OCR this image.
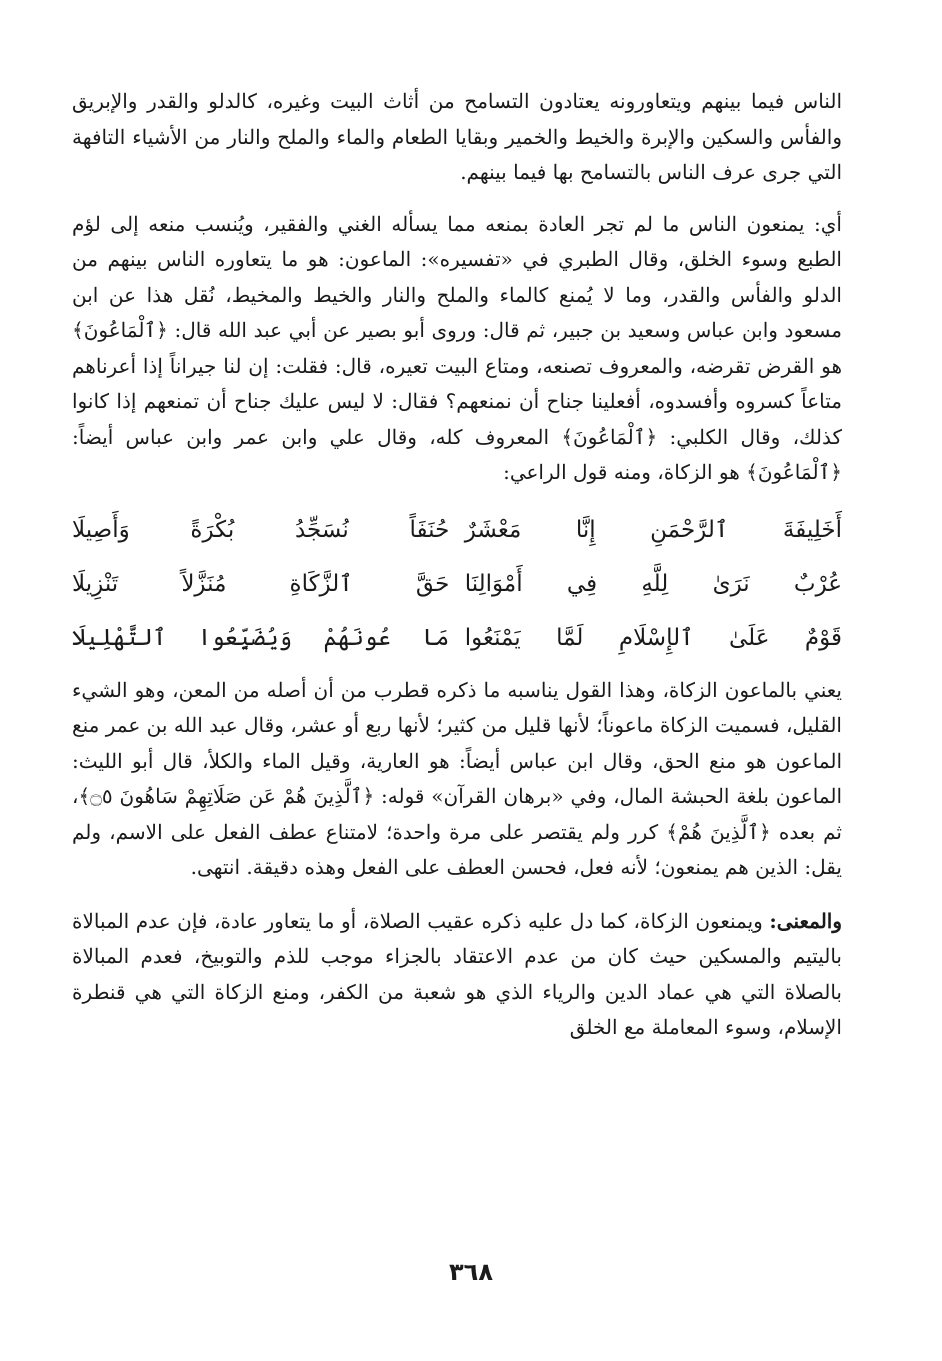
الناس فيما بينهم ويتعاورونه يعتادون التسامح من أثاث البيت وغيره، كالدلو والقدر والإبريق والفأس والسكين والإبرة والخيط والخمير وبقايا الطعام والماء والملح والنار من الأشياء التافهة التي جرى عرف الناس بالتسامح بها فيما بينهم.

أي: يمنعون الناس ما لم تجر العادة بمنعه مما يسأله الغني والفقير، ويُنسب منعه إلى لؤم الطبع وسوء الخلق، وقال الطبري في «تفسيره»: الماعون: هو ما يتعاوره الناس بينهم من الدلو والفأس والقدر، وما لا يُمنع كالماء والملح والنار والخيط والمخيط، نُقل هذا عن ابن مسعود وابن عباس وسعيد بن جبير، ثم قال: وروى أبو بصير عن أبي عبد الله قال: ﴿ٱلْمَاعُونَ﴾ هو القرض تقرضه، والمعروف تصنعه، ومتاع البيت تعيره، قال: فقلت: إن لنا جيراناً إذا أعرناهم متاعاً كسروه وأفسدوه، أفعلينا جناح أن نمنعهم؟ فقال: لا ليس عليك جناح أن تمنعهم إذا كانوا كذلك، وقال الكلبي: ﴿ٱلْمَاعُونَ﴾ المعروف كله، وقال علي وابن عمر وابن عباس أيضاً: ﴿ٱلْمَاعُونَ﴾ هو الزكاة، ومنه قول الراعي:

أَخَلِيفَةَ ٱلرَّحْمَنِ إِنَّا مَعْشَرٌ
حُنَفَاً نُسَجِّدُ بُكْرَةً وَأَصِيلَا
عُرْبٌ نَرَىٰ لِلَّهِ فِي أَمْوَالِنَا
حَقَّ ٱلزَّكَاةِ مُنَزَّلاً تَنْزِيلَا
قَوْمٌ عَلَىٰ ٱلإِسْلَامِ لَمَّا يَمْنَعُوا
مَا عُونَهُمْ وَيُضَيِّعُوا ٱلتَّهْلِيلَا

يعني بالماعون الزكاة، وهذا القول يناسبه ما ذكره قطرب من أن أصله من المعن، وهو الشيء القليل، فسميت الزكاة ماعوناً؛ لأنها قليل من كثير؛ لأنها ربع أو عشر، وقال عبد الله بن عمر منع الماعون هو منع الحق، وقال ابن عباس أيضاً: هو العارية، وقيل الماء والكلأ، قال أبو الليث: الماعون بلغة الحبشة المال، وفي «برهان القرآن» قوله: ﴿ٱلَّذِينَ هُمْ عَن صَلَاتِهِمْ سَاهُونَ ۝٥﴾، ثم بعده ﴿ٱلَّذِينَ هُمْ﴾ كرر ولم يقتصر على مرة واحدة؛ لامتناع عطف الفعل على الاسم، ولم يقل: الذين هم يمنعون؛ لأنه فعل، فحسن العطف على الفعل وهذه دقيقة. انتهى.

والمعنى: ويمنعون الزكاة، كما دل عليه ذكره عقيب الصلاة، أو ما يتعاور عادة، فإن عدم المبالاة باليتيم والمسكين حيث كان من عدم الاعتقاد بالجزاء موجب للذم والتوبيخ، فعدم المبالاة بالصلاة التي هي عماد الدين والرياء الذي هو شعبة من الكفر، ومنع الزكاة التي هي قنطرة الإسلام، وسوء المعاملة مع الخلق

٣٦٨
